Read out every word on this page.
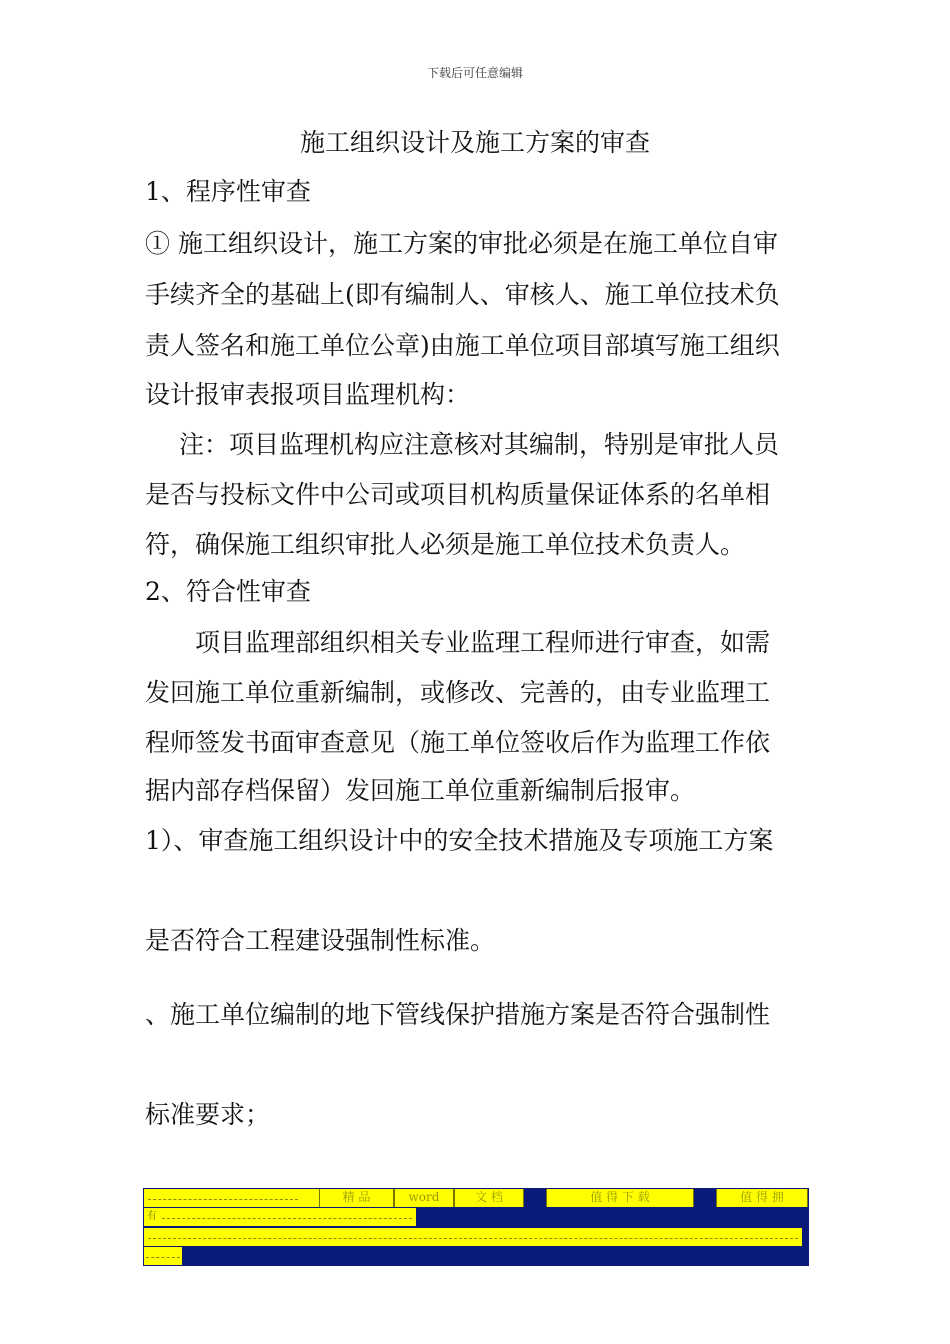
下载后可任意编辑
施工组织设计及施工方案的审查
1、程序性审查
① 施工组织设计，施工方案的审批必须是在施工单位自审
手续齐全的基础上(即有编制人、审核人、施工单位技术负
责人签名和施工单位公章)由施工单位项目部填写施工组织
设计报审表报项目监理机构：
注：项目监理机构应注意核对其编制，特别是审批人员
是否与投标文件中公司或项目机构质量保证体系的名单相
符，确保施工组织审批人必须是施工单位技术负责人。
2、符合性审查
项目监理部组织相关专业监理工程师进行审查，如需
发回施工单位重新编制，或修改、完善的，由专业监理工
程师签发书面审查意见（施工单位签收后作为监理工作依
据内部存档保留）发回施工单位重新编制后报审。
1）、审查施工组织设计中的安全技术措施及专项施工方案
是否符合工程建设强制性标准。
、施工单位编制的地下管线保护措施方案是否符合强制性
标准要求；
精 品	word	文 档	值 得 下 载	值 得 拥
有
